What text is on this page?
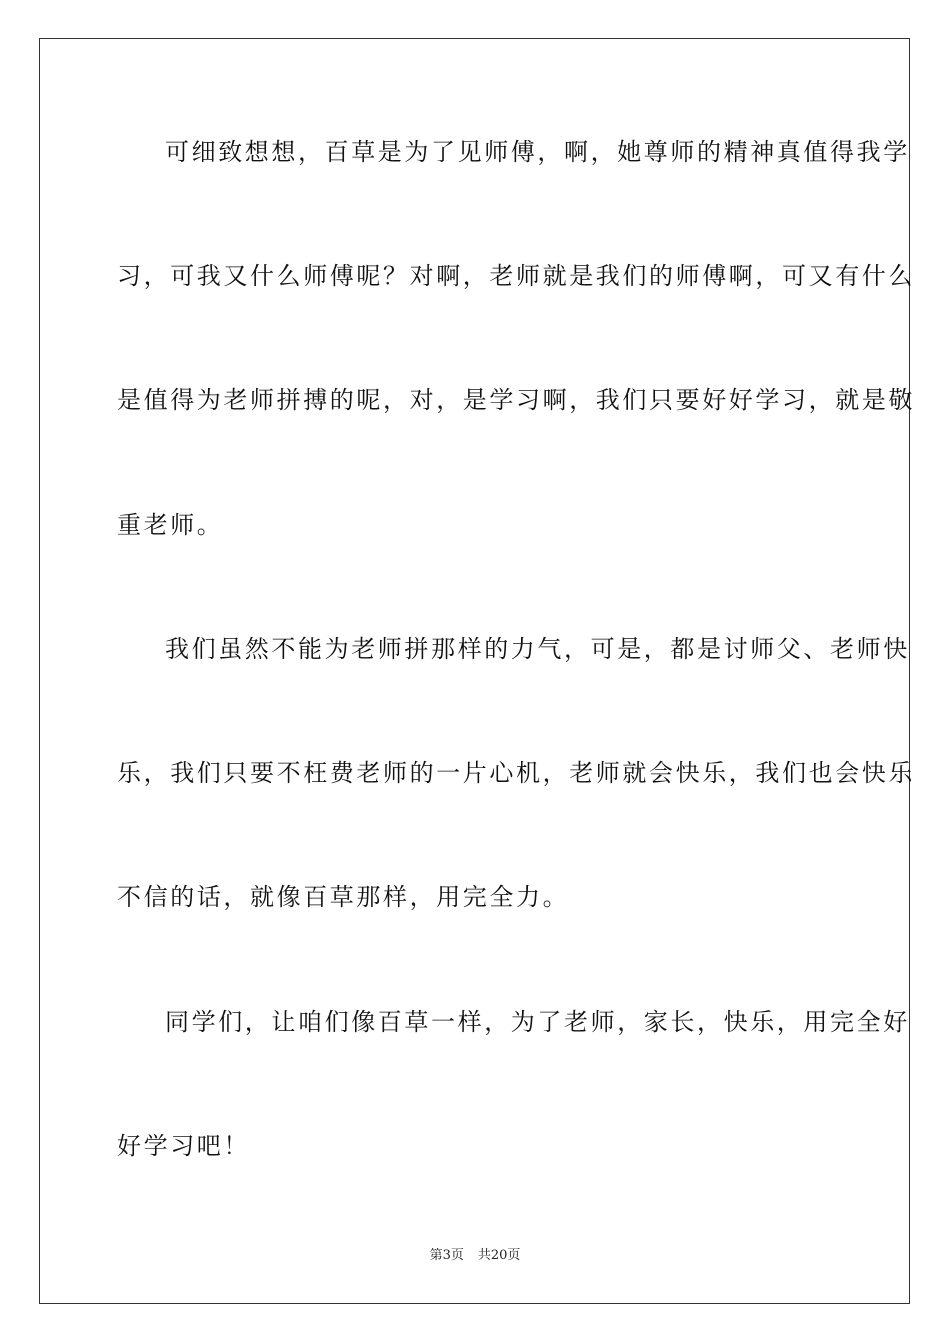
可细致想想，百草是为了见师傅，啊，她尊师的精神真值得我学
习，可我又什么师傅呢？对啊，老师就是我们的师傅啊，可又有什么
是值得为老师拼搏的呢，对，是学习啊，我们只要好好学习，就是敬
重老师。
我们虽然不能为老师拼那样的力气，可是，都是讨师父、老师快
乐，我们只要不枉费老师的一片心机，老师就会快乐，我们也会快乐
不信的话，就像百草那样，用完全力。
同学们，让咱们像百草一样，为了老师，家长，快乐，用完全好
好学习吧！
第3页 共20页
